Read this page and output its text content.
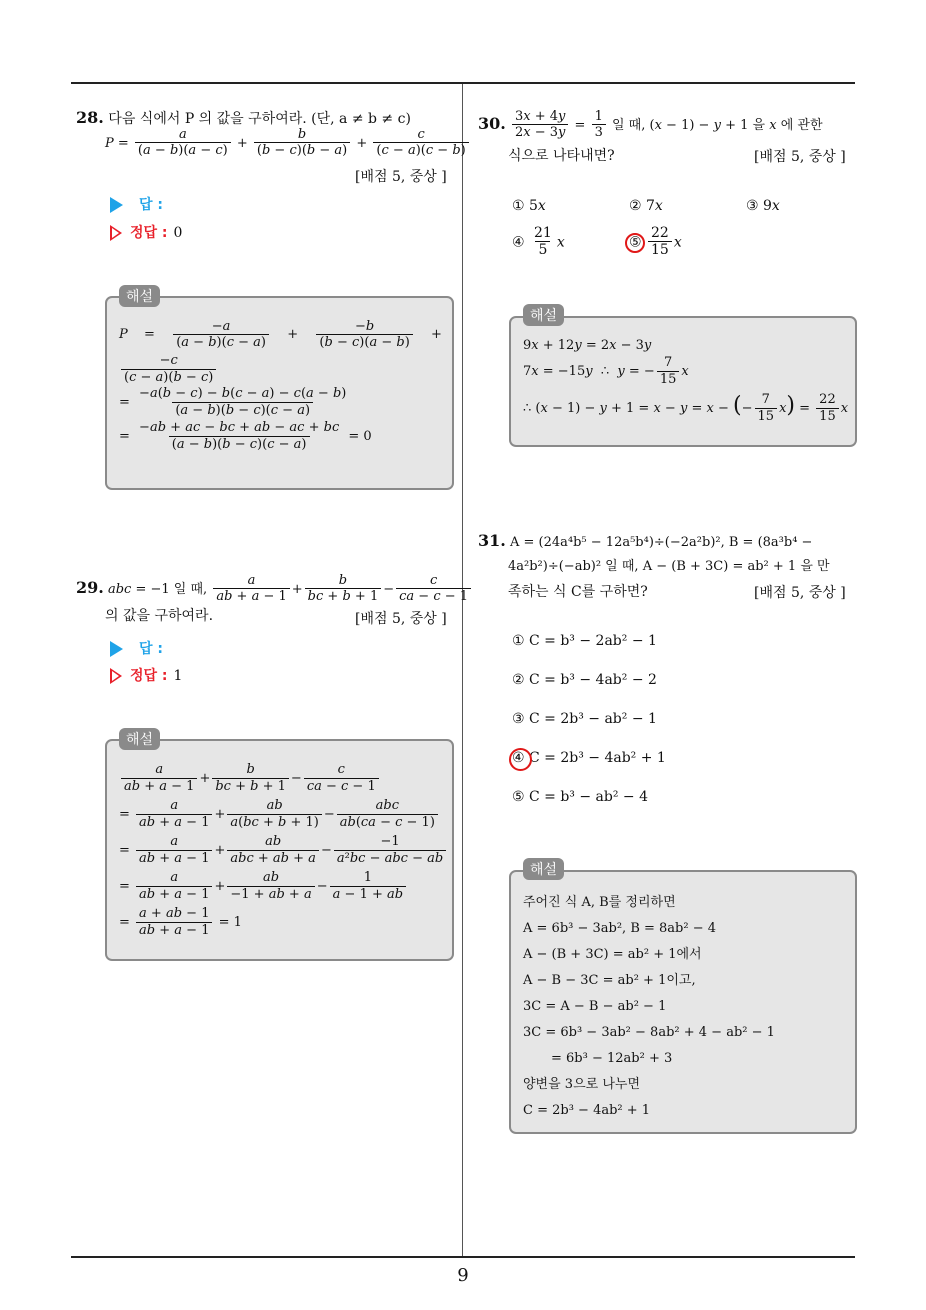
28. 다음 식에서 P 의 값을 구하여라. (단, a ≠ b ≠ c)
$P = \frac{a}{(a - b)(a - c)} + \frac{b}{(b - c)(b - a)} + \frac{c}{(c - a)(c - b)}$
[배점 5, 중상 ]
답 :
정답 : 0
$P = \frac{-a}{(a - b)(c - a)} + \frac{-b}{(b - c)(a - b)}$ +
$\frac{-c}{(c - a)(b - c)}$
= $\frac{-a(b - c) - b(c - a) - c(a - b)}{(a - b)(b - c)(c - a)}$
= $\frac{-ab + ac - bc + ab - ac + bc}{(a - b)(b - c)(c - a)} = 0$
해설
29. abc = −1 일 때, $\frac{a}{ab + a - 1} + \frac{b}{bc + b + 1} - \frac{c}{ca - c - 1}$
의 값을 구하여라.	[배점 5, 중상 ]
답 :
정답 : 1
$\frac{a}{ab + a - 1} + \frac{b}{bc + b + 1} - \frac{c}{ca - c - 1}$
= $\frac{a}{ab + a - 1} + \frac{ab}{a(bc + b + 1)} - \frac{\text{abc}}{ab(ca - c - 1)}$
= $\frac{a}{ab + a - 1} + \frac{ab}{\text{abc + ab + a}} - \frac{-1}{\text{a²bc − abc − ab}}$
= $\frac{a}{ab + a - 1} + \frac{ab}{-1 + ab + a} - \frac{1}{a - 1 + ab}$
= $\frac{a + ab - 1}{ab + a - 1} = 1$
해설
30. $\frac{3x + 4y}{2x - 3y} = \frac{1}{3}$ 일 때, (x − 1) − y + 1 을 x 에 관한
식으로 나타내면?	[배점 5, 중상 ]
① 5x	② 7x	③ 9x
④ $\frac{21}{5}$ x	⑤ $\frac{22}{15}$ x
9x + 12y = 2x − 3y
7x = −15y  ∴  y = − $\frac{7}{15}$ x
∴ (x − 1) − y + 1 = x − y = x − (− $\frac{7}{15} x) = \frac{22}{15}$ x
해설
31. A = (24a⁴b⁵ − 12a⁵b⁴)÷(−2a²b)², B = (8a³b⁴ −
4a²b²)÷(−ab)² 일 때, A − (B + 3C) = ab² + 1 을 만
족하는 식 C를 구하면?	[배점 5, 중상 ]
① C = b³ − 2ab² − 1
② C = b³ − 4ab² − 2
③ C = 2b³ − ab² − 1
④ C = 2b³ − 4ab² + 1
⑤ C = b³ − ab² − 4
주어진 식 A, B를 정리하면
A = 6b³ − 3ab², B = 8ab² − 4
A − (B + 3C) = ab² + 1에서
A − B − 3C = ab² + 1이고,
3C = A − B − ab² − 1
3C = 6b³ − 3ab² − 8ab² + 4 − ab² − 1
= 6b³ − 12ab² + 3
양변을 3으로 나누면
C = 2b³ − 4ab² + 1
해설
9
